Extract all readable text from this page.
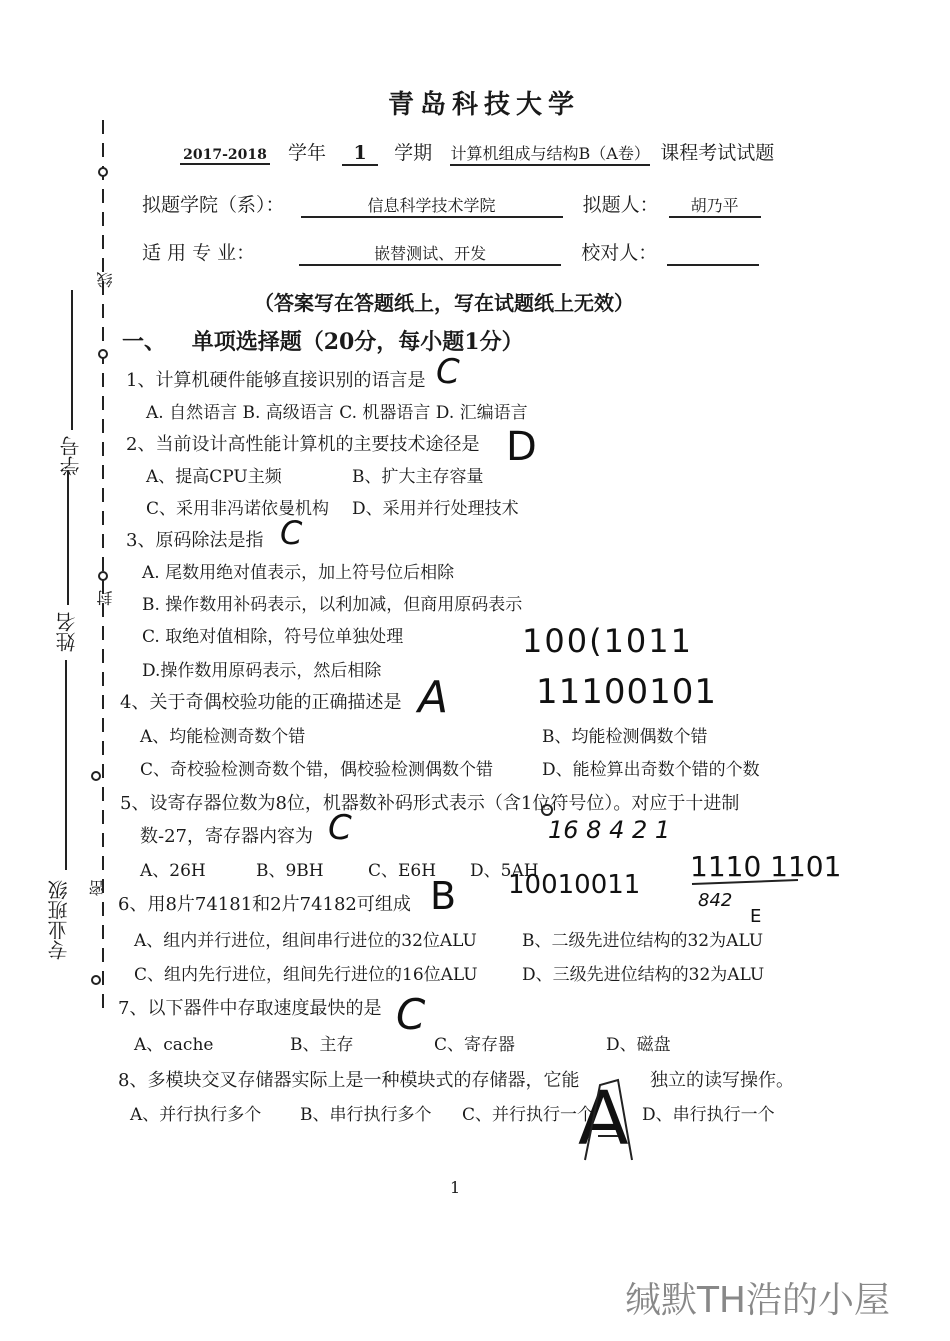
青岛科技大学
2017-2018 学年 1 学期 计算机组成与结构B（A卷） 课程考试试题
拟题学院（系）：	信息科学技术学院	拟题人： 胡乃平
适 用 专 业：	嵌替测试、开发	校对人：
（答案写在答题纸上，写在试题纸上无效）
一、 单项选择题（20分，每小题1分）
1、计算机硬件能够直接识别的语言是
A. 自然语言 B. 高级语言 C. 机器语言 D. 汇编语言
2、当前设计高性能计算机的主要技术途径是
A、提高CPU主频	B、扩大主存容量
C、采用非冯诺依曼机构 D、采用并行处理技术
3、原码除法是指
A. 尾数用绝对值表示，加上符号位后相除
B. 操作数用补码表示，以利加减，但商用原码表示
C. 取绝对值相除，符号位单独处理
D.操作数用原码表示，然后相除
4、关于奇偶校验功能的正确描述是
A、均能检测奇数个错	B、均能检测偶数个错
C、奇校验检测奇数个错，偶校验检测偶数个错	D、能检算出奇数个错的个数
5、设寄存器位数为8位，机器数补码形式表示（含1位符号位）。对应于十进制
数-27，寄存器内容为
A、26H	B、9BH	C、E6H D、5AH
6、用8片74181和2片74182可组成
A、组内并行进位，组间串行进位的32位ALU	B、二级先进位结构的32为ALU
C、组内先行进位，组间先行进位的16位ALU	D、三级先进位结构的32为ALU
7、以下器件中存取速度最快的是
A、cache	B、主存	C、寄存器	D、磁盘
8、多模块交叉存储器实际上是一种模块式的存储器，它能	独立的读写操作。
A、并行执行多个 B、串行执行多个 C、并行执行一个	D、串行执行一个
C
D
C
A
C
B
C
A
100(1011
11100101
16 8 4 2 1
10010011
1110 1101
842
E
学号
姓名
专业班级
线
封
密
1
缄默TH浩的小屋
